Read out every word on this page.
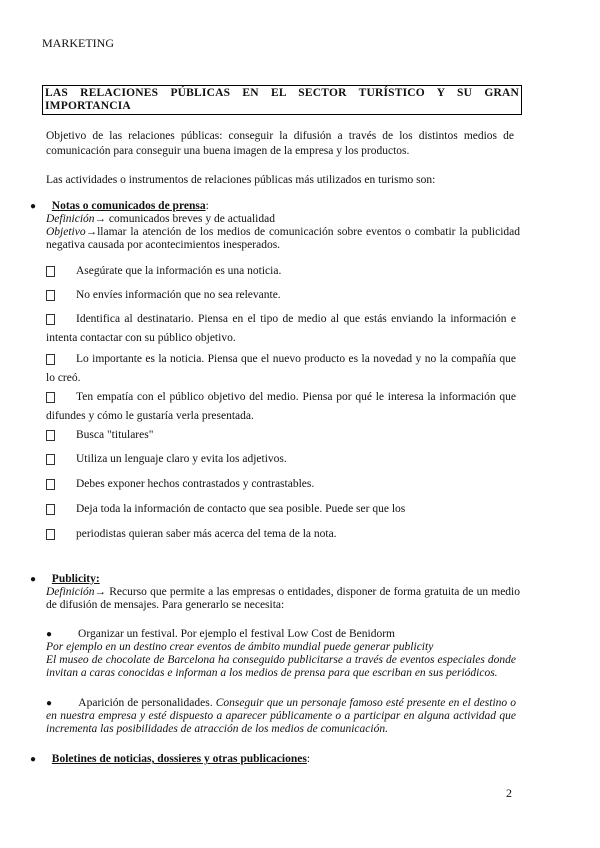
MARKETING
LAS RELACIONES PÚBLICAS EN EL SECTOR TURÍSTICO Y SU GRAN IMPORTANCIA
Objetivo de las relaciones públicas: conseguir la difusión a través de los distintos medios de comunicación para conseguir una buena imagen de la empresa y los productos.
Las actividades o instrumentos de relaciones públicas más utilizados en turismo son:
● Notas o comunicados de prensa:
Definición→ comunicados breves y de actualidad
Objetivo→llamar la atención de los medios de comunicación sobre eventos o combatir la publicidad negativa causada por acontecimientos inesperados.
Asegúrate que la información es una noticia.
No envíes información que no sea relevante.
Identifica al destinatario. Piensa en el tipo de medio al que estás enviando la información e intenta contactar con su público objetivo.
Lo importante es la noticia. Piensa que el nuevo producto es la novedad y no la compañía que lo creó.
Ten empatía con el público objetivo del medio. Piensa por qué le interesa la información que difundes y cómo le gustaría verla presentada.
Busca "titulares"
Utiliza un lenguaje claro y evita los adjetivos.
Debes exponer hechos contrastados y contrastables.
Deja toda la información de contacto que sea posible. Puede ser que los
periodistas quieran saber más acerca del tema de la nota.
● Publicity:
Definición→ Recurso que permite a las empresas o entidades, disponer de forma gratuita de un medio de difusión de mensajes. Para generarlo se necesita:
● Organizar un festival. Por ejemplo el festival Low Cost de Benidorm
Por ejemplo en un destino crear eventos de ámbito mundial puede generar publicity
El museo de chocolate de Barcelona ha conseguido publicitarse a través de eventos especiales donde invitan a caras conocidas e informan a los medios de prensa para que escriban en sus periódicos.
● Aparición de personalidades. Conseguir que un personaje famoso esté presente en el destino o en nuestra empresa y esté dispuesto a aparecer públicamente o a participar en alguna actividad que incrementa las posibilidades de atracción de los medios de comunicación.
● Boletines de noticias, dossieres y otras publicaciones:
2
